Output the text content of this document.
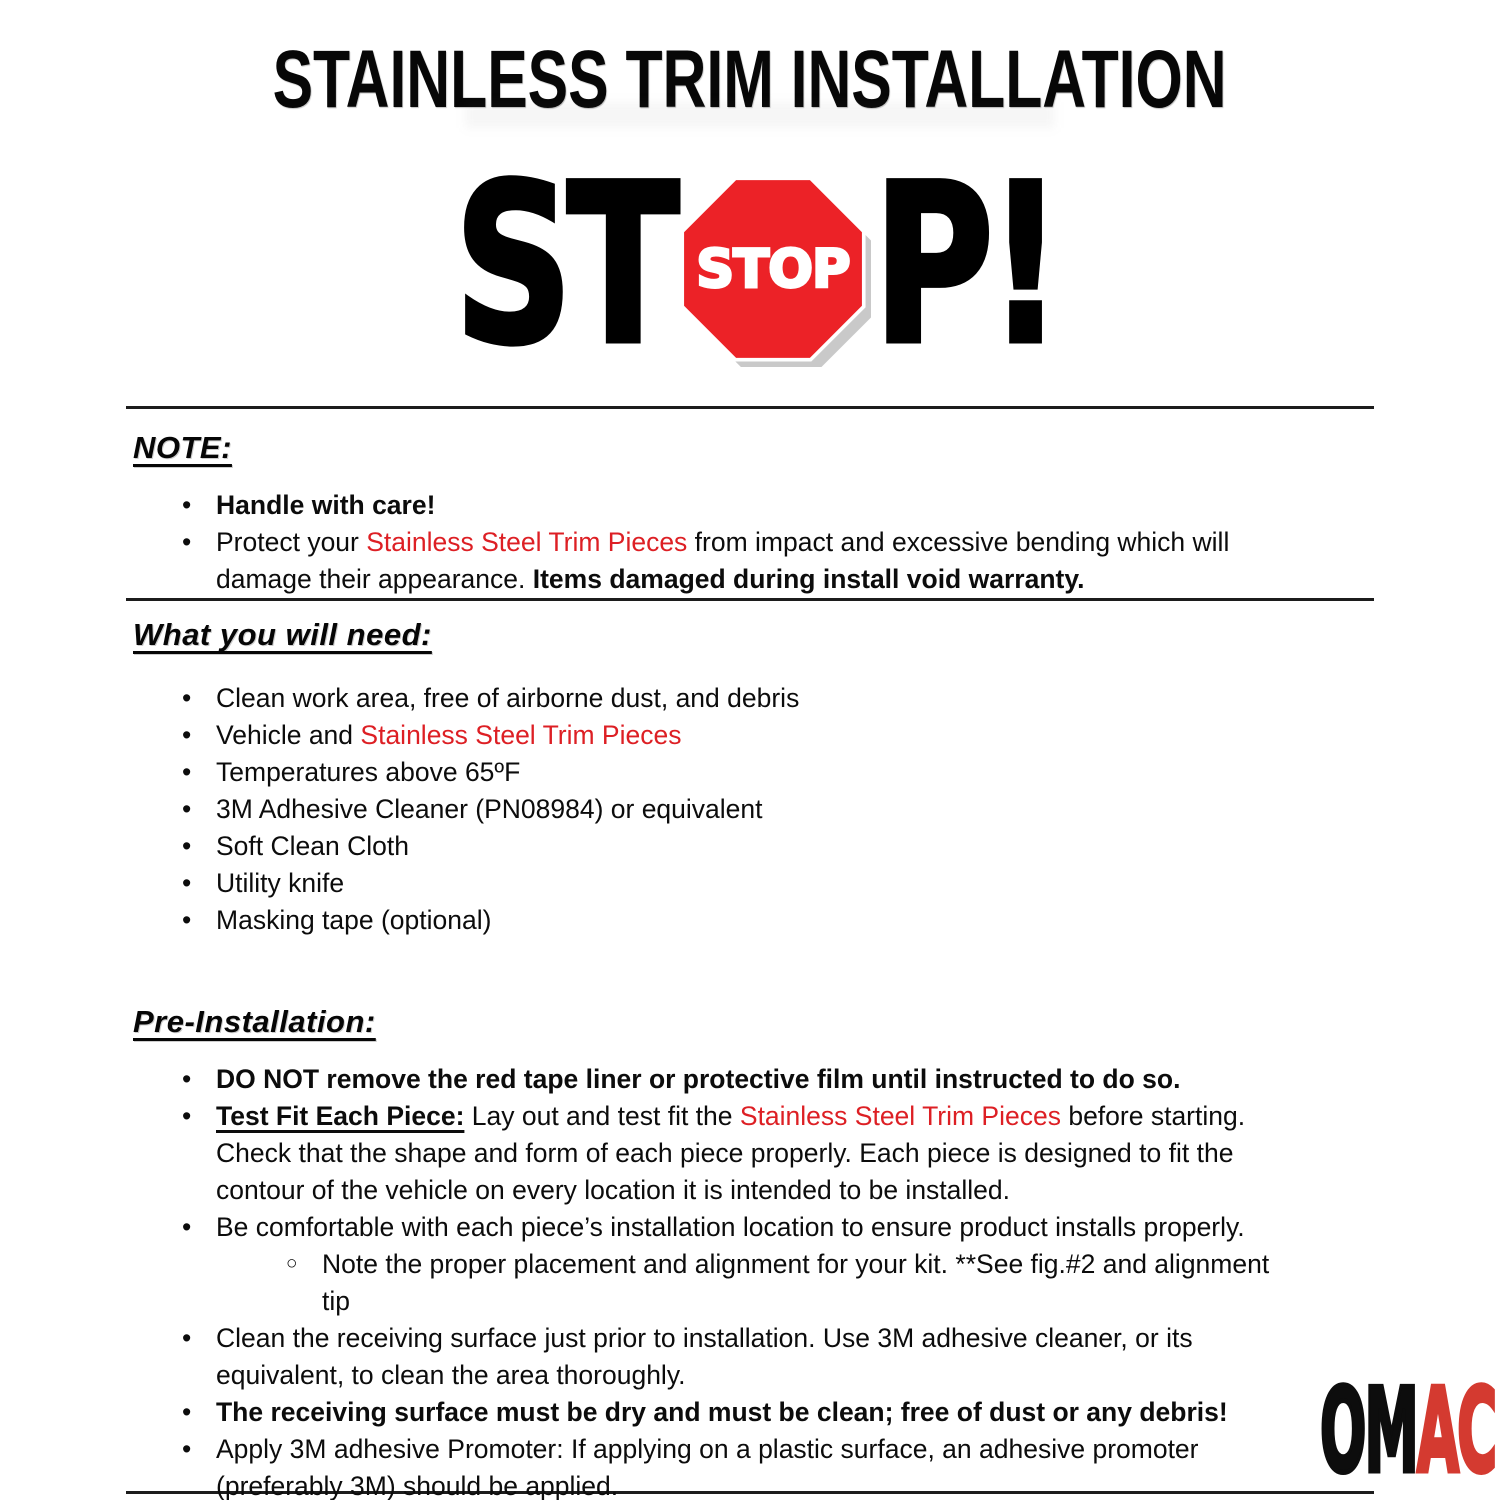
STAINLESS TRIM INSTALLATION
ST STOP P!
NOTE:
• Handle with care!
• Protect your Stainless Steel Trim Pieces from impact and excessive bending which will damage their appearance. Items damaged during install void warranty.
What you will need:
• Clean work area, free of airborne dust, and debris
• Vehicle and Stainless Steel Trim Pieces
• Temperatures above 65ºF
• 3M Adhesive Cleaner (PN08984) or equivalent
• Soft Clean Cloth
• Utility knife
• Masking tape (optional)
Pre-Installation:
• DO NOT remove the red tape liner or protective film until instructed to do so.
• Test Fit Each Piece: Lay out and test fit the Stainless Steel Trim Pieces before starting. Check that the shape and form of each piece properly. Each piece is designed to fit the contour of the vehicle on every location it is intended to be installed.
• Be comfortable with each piece’s installation location to ensure product installs properly.
○ Note the proper placement and alignment for your kit. **See fig.#2 and alignment tip
• Clean the receiving surface just prior to installation. Use 3M adhesive cleaner, or its equivalent, to clean the area thoroughly.
• The receiving surface must be dry and must be clean; free of dust or any debris!
• Apply 3M adhesive Promoter: If applying on a plastic surface, an adhesive promoter (preferably 3M) should be applied.	OMAC
